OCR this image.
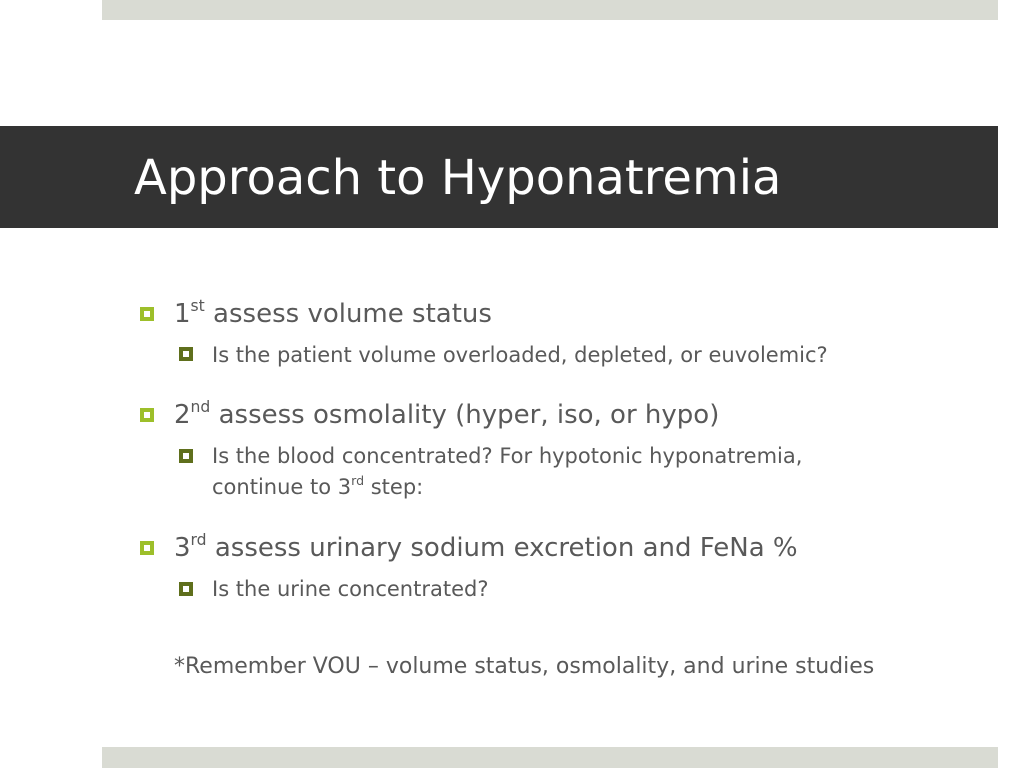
Approach to Hyponatremia
1st assess volume status
Is the patient volume overloaded, depleted, or euvolemic?
2nd assess osmolality (hyper, iso, or hypo)
Is the blood concentrated? For hypotonic hyponatremia,
continue to 3rd step:
3rd assess urinary sodium excretion and FeNa %
Is the urine concentrated?
*Remember VOU – volume status, osmolality, and urine studies
